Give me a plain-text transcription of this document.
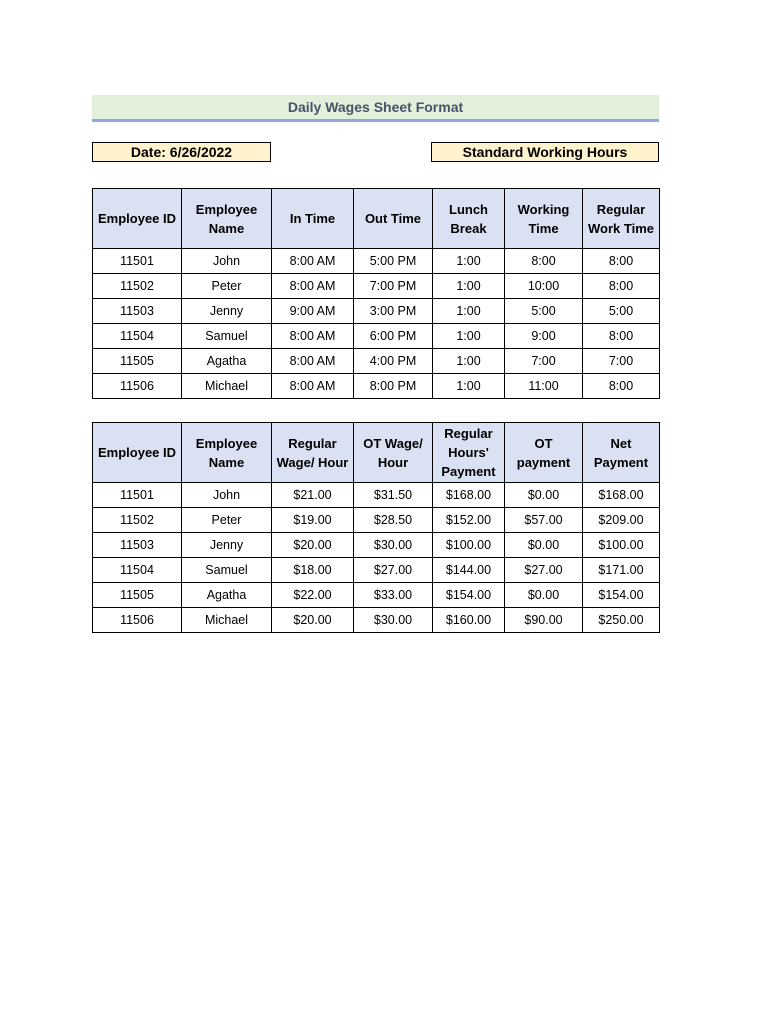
Daily Wages Sheet Format
Date: 6/26/2022	Standard Working Hours
Employee ID	Employee Name	In Time	Out Time	Lunch Break	Working Time	Regular Work Time
11501	John	8:00 AM	5:00 PM	1:00	8:00	8:00
11502	Peter	8:00 AM	7:00 PM	1:00	10:00	8:00
11503	Jenny	9:00 AM	3:00 PM	1:00	5:00	5:00
11504	Samuel	8:00 AM	6:00 PM	1:00	9:00	8:00
11505	Agatha	8:00 AM	4:00 PM	1:00	7:00	7:00
11506	Michael	8:00 AM	8:00 PM	1:00	11:00	8:00
Employee ID	Employee Name	Regular Wage/ Hour	OT Wage/ Hour	Regular Hours' Payment	OT payment	Net Payment
11501	John	$21.00	$31.50	$168.00	$0.00	$168.00
11502	Peter	$19.00	$28.50	$152.00	$57.00	$209.00
11503	Jenny	$20.00	$30.00	$100.00	$0.00	$100.00
11504	Samuel	$18.00	$27.00	$144.00	$27.00	$171.00
11505	Agatha	$22.00	$33.00	$154.00	$0.00	$154.00
11506	Michael	$20.00	$30.00	$160.00	$90.00	$250.00
